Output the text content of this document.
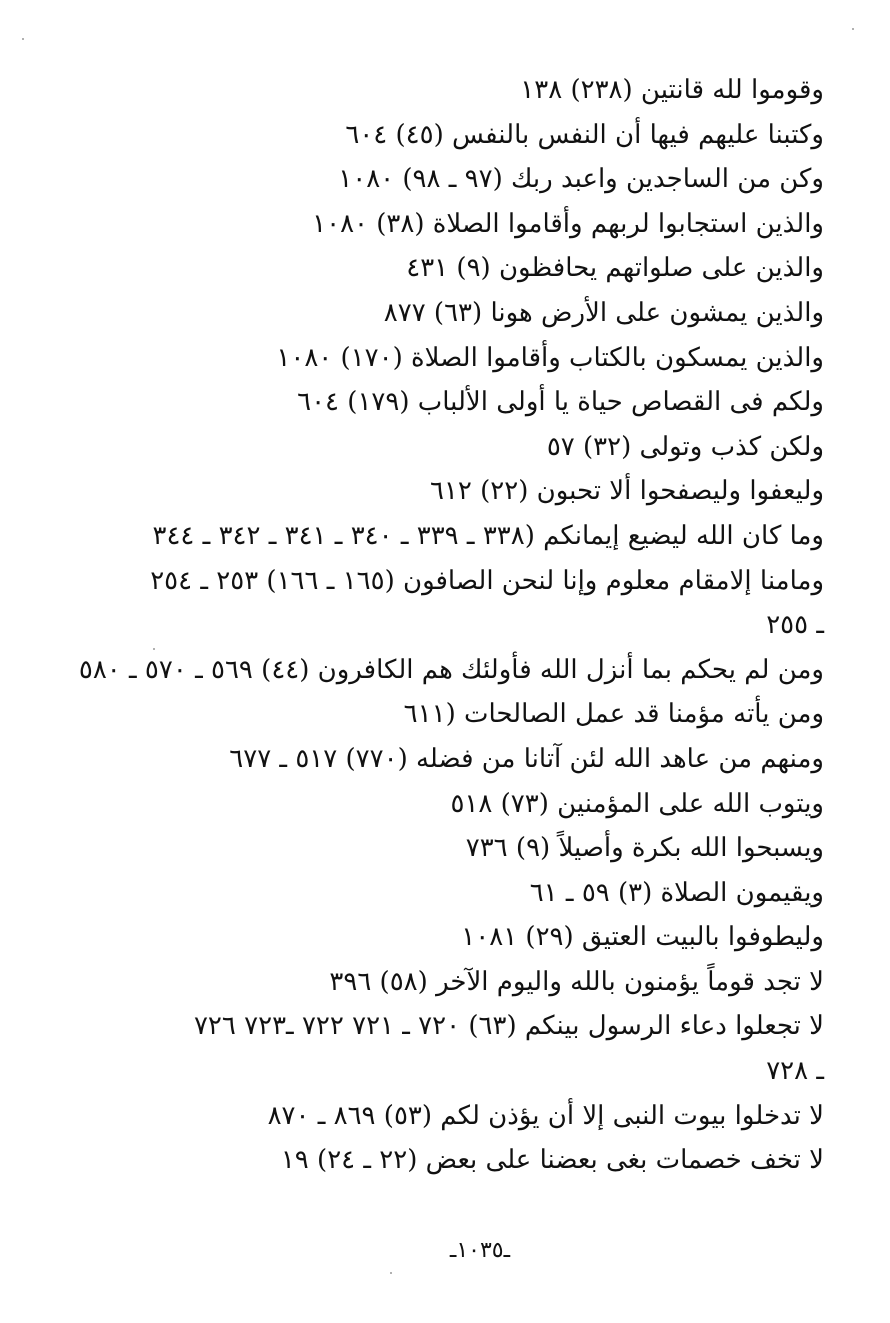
وقوموا لله قانتين (٢٣٨) ١٣٨
وكتبنا عليهم فيها أن النفس بالنفس (٤٥) ٦٠٤
وكن من الساجدين واعبد ربك (٩٧ ـ ٩٨) ١٠٨٠
والذين استجابوا لربهم وأقاموا الصلاة (٣٨) ١٠٨٠
والذين على صلواتهم يحافظون (٩) ٤٣١
والذين يمشون على الأرض هونا (٦٣) ٨٧٧
والذين يمسكون بالكتاب وأقاموا الصلاة (١٧٠) ١٠٨٠
ولكم فى القصاص حياة يا أولى الألباب (١٧٩) ٦٠٤
ولكن كذب وتولى (٣٢) ٥٧
وليعفوا وليصفحوا ألا تحبون (٢٢) ٦١٢
وما كان الله ليضيع إيمانكم (٣٣٨ ـ ٣٣٩ ـ ٣٤٠ ـ ٣٤١ ـ ٣٤٢ ـ ٣٤٤
ومامنا إلامقام معلوم وإنا لنحن الصافون (١٦٥ ـ ١٦٦) ٢٥٣ ـ ٢٥٤
ـ ٢٥٥
ومن لم يحكم بما أنزل الله فأولئك هم الكافرون (٤٤) ٥٦٩ ـ ٥٧٠ ـ ٥٨٠
ومن يأته مؤمنا قد عمل الصالحات (٦١١
ومنهم من عاهد الله لئن آتانا من فضله (٧٧٠) ٥١٧ ـ ٦٧٧
ويتوب الله على المؤمنين (٧٣) ٥١٨
ويسبحوا الله بكرة وأصيلاً (٩) ٧٣٦
ويقيمون الصلاة (٣) ٥٩ ـ ٦١
وليطوفوا بالبيت العتيق (٢٩) ١٠٨١
لا تجد قوماً يؤمنون بالله واليوم الآخر (٥٨) ٣٩٦
لا تجعلوا دعاء الرسول بينكم (٦٣) ٧٢٠ ـ ٧٢١ ٧٢٢ ـ٧٢٣ ٧٢٦
ـ ٧٢٨
لا تدخلوا بيوت النبى إلا أن يؤذن لكم (٥٣) ٨٦٩ ـ ٨٧٠
لا تخف خصمات بغى بعضنا على بعض (٢٢ ـ ٢٤) ١٩
ـ١٠٣٥ـ
